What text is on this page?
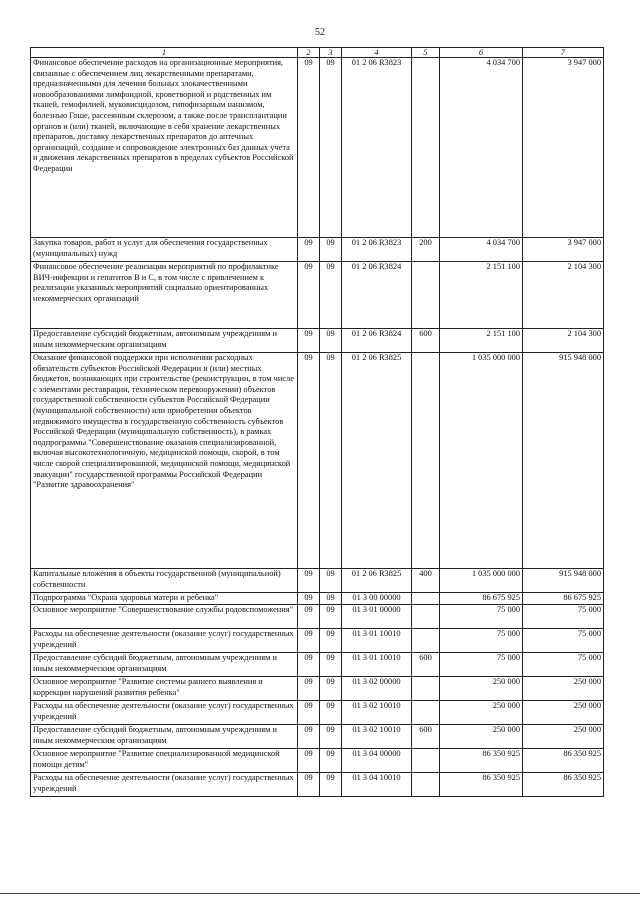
52
1	2	3	4	5	6	7
Финансовое обеспечение расходов на организационные мероприятия, связанные с обеспечением лиц лекарственными препаратами, предназначенными для лечения больных злокачественными новообразованиями лимфоидной, кроветворной и родственных им тканей, гемофилией, муковисцидозом, гипофизарным нанизмом, болезнью Гоше, рассеянным склерозом, а также после трансплантации органов и (или) тканей, включающие в себя хранение лекарственных препаратов, доставку лекарственных препаратов до аптечных организаций, создание и сопровождение электронных баз данных учета и движения лекарственных препаратов в пределах субъектов Российской Федерации	09	09	01 2 06 R3823		4 034 700	3 947 000
Закупка товаров, работ и услуг для обеспечения государственных (муниципальных) нужд	09	09	01 2 06 R3823	200	4 034 700	3 947 000
Финансовое обеспечение реализации мероприятий по профилактике ВИЧ-инфекции и гепатитов B и C, в том числе с привлечением к реализации указанных мероприятий социально ориентированных некоммерческих организаций	09	09	01 2 06 R3824		2 151 100	2 104 300
Предоставление субсидий бюджетным, автономным учреждениям и иным некоммерческим организациям	09	09	01 2 06 R3824	600	2 151 100	2 104 300
Оказание финансовой поддержки при исполнении расходных обязательств субъектов Российской Федерации и (или) местных бюджетов, возникающих при строительстве (реконструкции, в том числе с элементами реставрации, техническом перевооружении) объектов государственной собственности субъектов Российской Федерации (муниципальной собственности) или приобретении объектов недвижимого имущества в государственную собственность субъектов Российской Федерации (муниципальную собственность), в рамках подпрограммы "Совершенствование оказания специализированной, включая высокотехнологичную, медицинской помощи, скорой, в том числе скорой специализированной, медицинской помощи, медицинской эвакуации" государственной программы Российской Федерации "Развитие здравоохранения"	09	09	01 2 06 R3825		1 035 000 000	915 948 000
Капитальные вложения в объекты государственной (муниципальной) собственности	09	09	01 2 06 R3825	400	1 035 000 000	915 948 000
Подпрограмма "Охрана здоровья матери и ребенка"	09	09	01 3 00 00000		86 675 925	86 675 925
Основное мероприятие "Совершенствование службы родовспоможения"	09	09	01 3 01 00000		75 000	75 000
Расходы на обеспечение деятельности (оказание услуг) государственных учреждений	09	09	01 3 01 10010		75 000	75 000
Предоставление субсидий бюджетным, автономным учреждениям и иным некоммерческим организациям	09	09	01 3 01 10010	600	75 000	75 000
Основное мероприятие "Развитие системы раннего выявления и коррекции нарушений развития ребенка"	09	09	01 3 02 00000		250 000	250 000
Расходы на обеспечение деятельности (оказание услуг) государственных учреждений	09	09	01 3 02 10010		250 000	250 000
Предоставление субсидий бюджетным, автономным учреждениям и иным некоммерческим организациям	09	09	01 3 02 10010	600	250 000	250 000
Основное мероприятие "Развитие специализированной медицинской помощи детям"	09	09	01 3 04 00000		86 350 925	86 350 925
Расходы на обеспечение деятельности (оказание услуг) государственных учреждений	09	09	01 3 04 10010		86 350 925	86 350 925
